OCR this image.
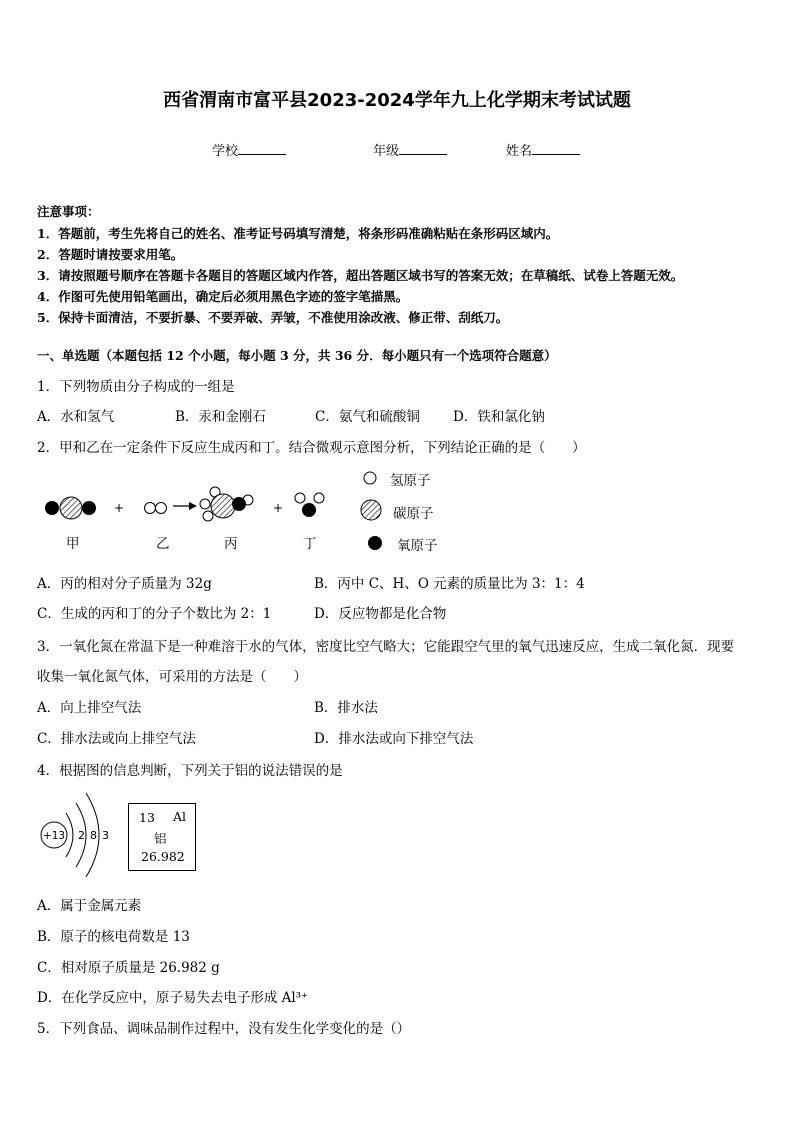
西省渭南市富平县2023-2024学年九上化学期末考试试题
学校	年级	姓名
注意事项：
1．答题前，考生先将自己的姓名、准考证号码填写清楚，将条形码准确粘贴在条形码区域内。
2．答题时请按要求用笔。
3．请按照题号顺序在答题卡各题目的答题区域内作答，超出答题区域书写的答案无效；在草稿纸、试卷上答题无效。
4．作图可先使用铅笔画出，确定后必须用黑色字迹的签字笔描黑。
5．保持卡面清洁，不要折暴、不要弄破、弄皱，不准使用涂改液、修正带、刮纸刀。
一、单选题（本题包括 12 个小题，每小题 3 分，共 36 分．每小题只有一个选项符合题意）
1．下列物质由分子构成的一组是
A．水和氢气	B．汞和金刚石	C．氨气和硫酸铜 D．铁和氯化钠
2．甲和乙在一定条件下反应生成丙和丁。结合微观示意图分析，下列结论正确的是（　　）
+	+
甲	乙	丙	丁
氢原子
碳原子
氧原子
A．丙的相对分子质量为 32g	B．丙中 C、H、O 元素的质量比为 3：1：4
C．生成的丙和丁的分子个数比为 2：1	D．反应物都是化合物
3．一氧化氮在常温下是一种难溶于水的气体，密度比空气略大；它能跟空气里的氧气迅速反应，生成二氧化氮．现要
收集一氧化氮气体，可采用的方法是（　　）
A．向上排空气法	B．排水法
C．排水法或向上排空气法	D．排水法或向下排空气法
4．根据图的信息判断，下列关于铝的说法错误的是
+13 2 8 3
13 Al
铝
26.982
A．属于金属元素
B．原子的核电荷数是 13
C．相对原子质量是 26.982 g
D．在化学反应中，原子易失去电子形成 Al³⁺
5．下列食品、调味品制作过程中，没有发生化学变化的是（）
